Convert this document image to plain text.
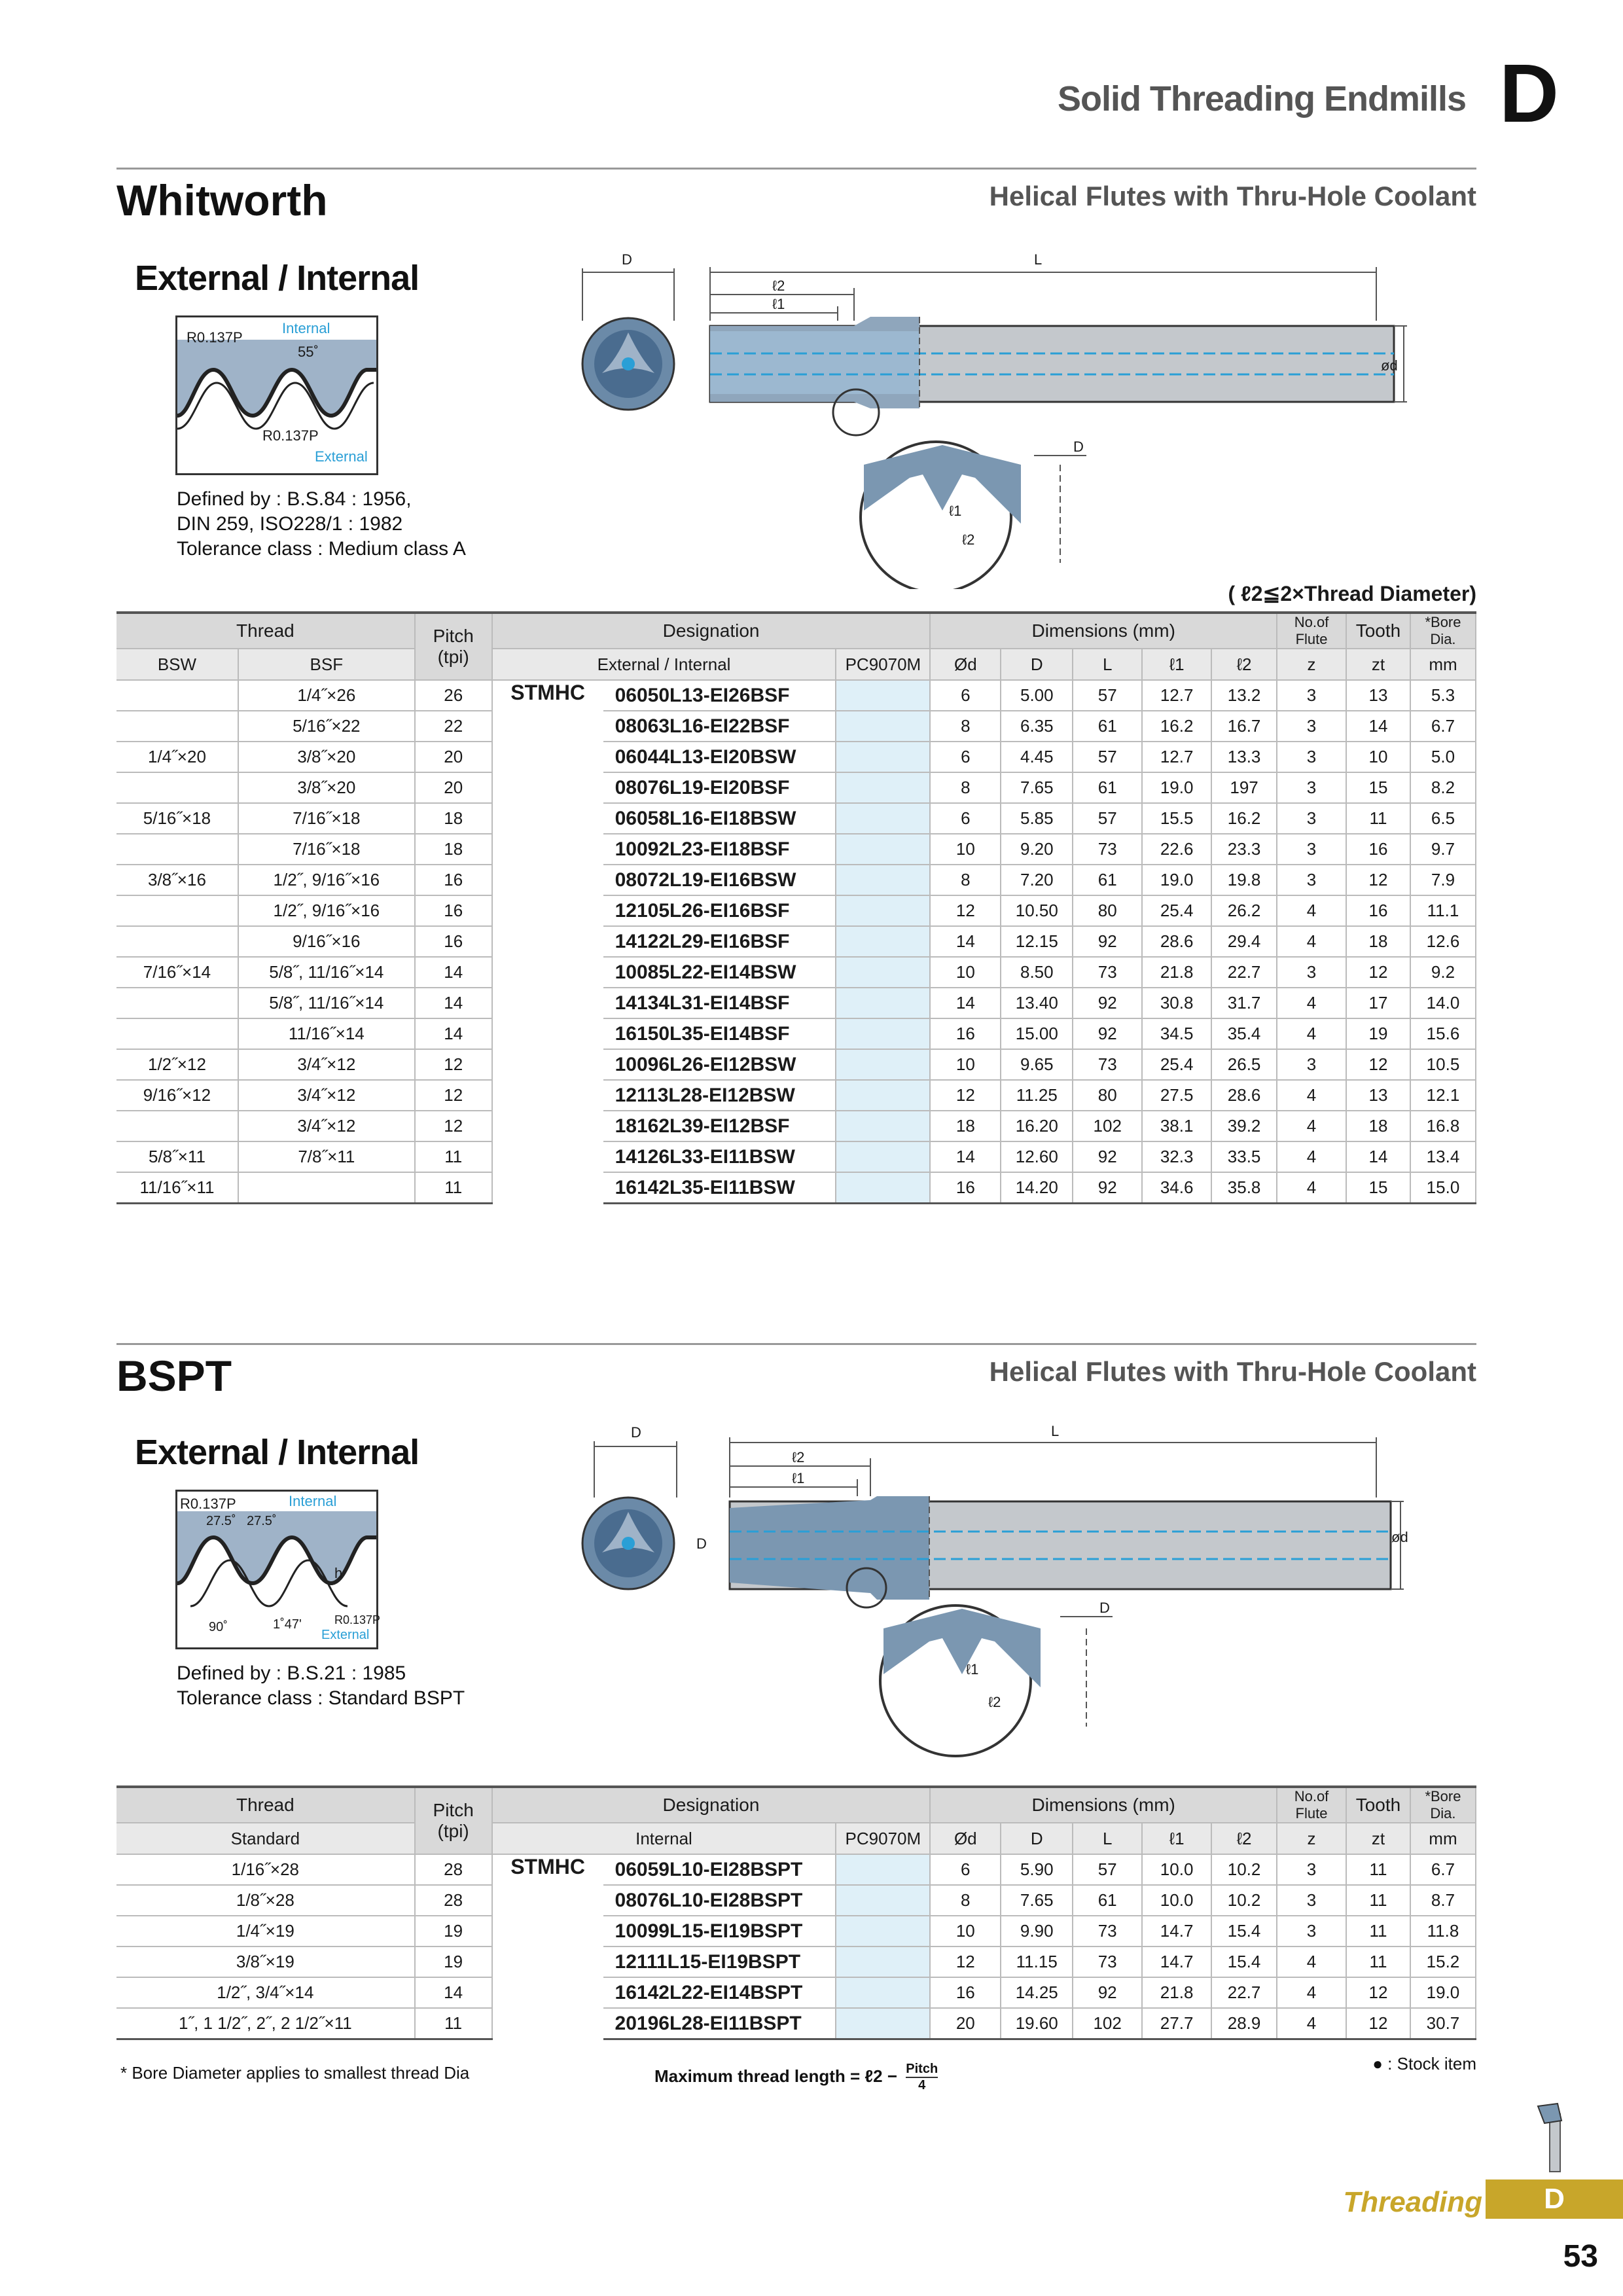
Solid Threading Endmills D
Whitworth	Helical Flutes with Thru-Hole Coolant
External / Internal
R0.137P
Internal
55˚
R0.137P
External
Defined by : B.S.84 : 1956,
DIN 259, ISO228/1 : 1982
Tolerance class : Medium class A
D	L
ℓ2
ℓ1
ød
D
ℓ1
ℓ2
( ℓ2≦2×Thread Diameter)
Thread		Pitch
(tpi)	Designation			Dimensions (mm)					No.of Flute	Tooth	*Bore Dia.
BSW	BSF		External / Internal		PC9070M	Ød	D	L	ℓ1	ℓ2	z	zt	mm
	1/4˝×26	26	STMHC	06050L13-EI26BSF		6	5.00	57	12.7	13.2	3	13	5.3
	5/16˝×22	22		08063L16-EI22BSF		8	6.35	61	16.2	16.7	3	14	6.7
1/4˝×20	3/8˝×20	20		06044L13-EI20BSW		6	4.45	57	12.7	13.3	3	10	5.0
	3/8˝×20	20		08076L19-EI20BSF		8	7.65	61	19.0	197	3	15	8.2
5/16˝×18	7/16˝×18	18		06058L16-EI18BSW		6	5.85	57	15.5	16.2	3	11	6.5
	7/16˝×18	18		10092L23-EI18BSF		10	9.20	73	22.6	23.3	3	16	9.7
3/8˝×16	1/2˝, 9/16˝×16	16		08072L19-EI16BSW		8	7.20	61	19.0	19.8	3	12	7.9
	1/2˝, 9/16˝×16	16		12105L26-EI16BSF		12	10.50	80	25.4	26.2	4	16	11.1
	9/16˝×16	16		14122L29-EI16BSF		14	12.15	92	28.6	29.4	4	18	12.6
7/16˝×14	5/8˝, 11/16˝×14	14		10085L22-EI14BSW		10	8.50	73	21.8	22.7	3	12	9.2
	5/8˝, 11/16˝×14	14		14134L31-EI14BSF		14	13.40	92	30.8	31.7	4	17	14.0
	11/16˝×14	14		16150L35-EI14BSF		16	15.00	92	34.5	35.4	4	19	15.6
1/2˝×12	3/4˝×12	12		10096L26-EI12BSW		10	9.65	73	25.4	26.5	3	12	10.5
9/16˝×12	3/4˝×12	12		12113L28-EI12BSW		12	11.25	80	27.5	28.6	4	13	12.1
	3/4˝×12	12		18162L39-EI12BSF		18	16.20	102	38.1	39.2	4	18	16.8
5/8˝×11	7/8˝×11	11		14126L33-EI11BSW		14	12.60	92	32.3	33.5	4	14	13.4
11/16˝×11		11		16142L35-EI11BSW		16	14.20	92	34.6	35.8	4	15	15.0
BSPT	Helical Flutes with Thru-Hole Coolant
External / Internal
R0.137P	Internal
27.5˚ 27.5˚
h
90˚	1˚47'	R0.137P
External
Defined by : B.S.21 : 1985
Tolerance class : Standard BSPT
D	L
ℓ2
ℓ1
D	ød
D
ℓ1
ℓ2
Thread	Pitch
(tpi)	Designation			Dimensions (mm)					No.of Flute	Tooth	*Bore Dia.
Standard		Internal		PC9070M	Ød	D	L	ℓ1	ℓ2	z	zt	mm
1/16˝×28	28	STMHC	06059L10-EI28BSPT		6	5.90	57	10.0	10.2	3	11	6.7
1/8˝×28	28		08076L10-EI28BSPT		8	7.65	61	10.0	10.2	3	11	8.7
1/4˝×19	19		10099L15-EI19BSPT		10	9.90	73	14.7	15.4	3	11	11.8
3/8˝×19	19		12111L15-EI19BSPT		12	11.15	73	14.7	15.4	4	11	15.2
1/2˝, 3/4˝×14	14		16142L22-EI14BSPT		16	14.25	92	21.8	22.7	4	12	19.0
1˝, 1 1/2˝, 2˝, 2 1/2˝×11	11		20196L28-EI11BSPT		20	19.60	102	27.7	28.9	4	12	30.7
* Bore Diameter applies to smallest thread Dia	Maximum thread length = ℓ2 − Pitch
4
● : Stock item
Threading	D
53
